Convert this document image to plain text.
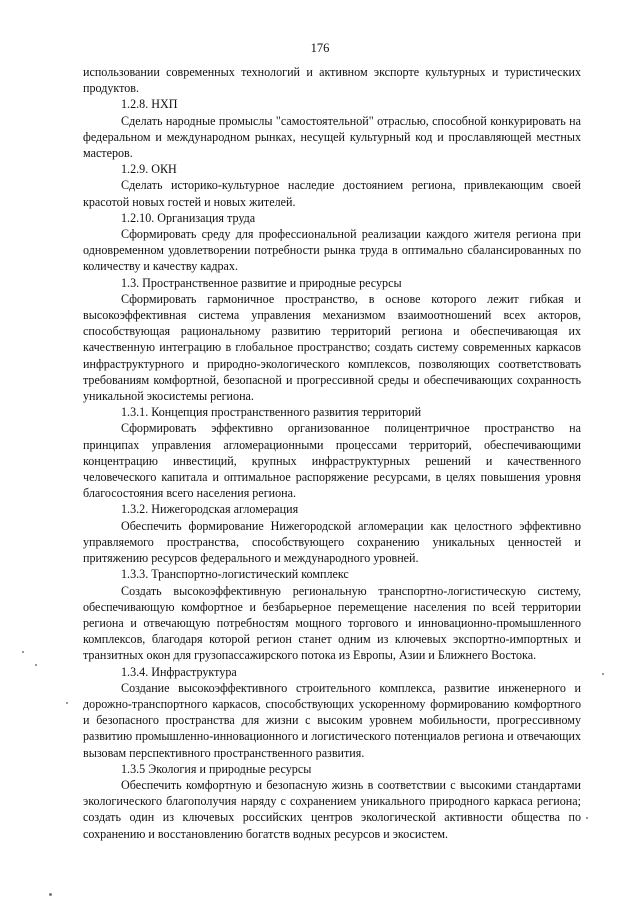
176

использовании современных технологий и активном экспорте культурных и туристических продуктов.

1.2.8. НХП

Сделать народные промыслы "самостоятельной" отраслью, способной конкурировать на федеральном и международном рынках, несущей культурный код и прославляющей местных мастеров.

1.2.9. ОКН

Сделать историко-культурное наследие достоянием региона, привлекающим своей красотой новых гостей и новых жителей.

1.2.10. Организация труда

Сформировать среду для профессиональной реализации каждого жителя региона при одновременном удовлетворении потребности рынка труда в оптимально сбалансированных по количеству и качеству кадрах.

1.3. Пространственное развитие и природные ресурсы

Сформировать гармоничное пространство, в основе которого лежит гибкая и высокоэффективная система управления механизмом взаимоотношений всех акторов, способствующая рациональному развитию территорий региона и обеспечивающая их качественную интеграцию в глобальное пространство; создать систему современных каркасов инфраструктурного и природно-экологического комплексов, позволяющих соответствовать требованиям комфортной, безопасной и прогрессивной среды и обеспечивающих сохранность уникальной экосистемы региона.

1.3.1. Концепция пространственного развития территорий

Сформировать эффективно организованное полицентричное пространство на принципах управления агломерационными процессами территорий, обеспечивающими концентрацию инвестиций, крупных инфраструктурных решений и качественного человеческого капитала и оптимальное распоряжение ресурсами, в целях повышения уровня благосостояния всего населения региона.

1.3.2. Нижегородская агломерация

Обеспечить формирование Нижегородской агломерации как целостного эффективно управляемого пространства, способствующего сохранению уникальных ценностей и притяжению ресурсов федерального и международного уровней.

1.3.3. Транспортно-логистический комплекс

Создать высокоэффективную региональную транспортно-логистическую систему, обеспечивающую комфортное и безбарьерное перемещение населения по всей территории региона и отвечающую потребностям мощного торгового и инновационно-промышленного комплексов, благодаря которой регион станет одним из ключевых экспортно-импортных и транзитных окон для грузопассажирского потока из Европы, Азии и Ближнего Востока.

1.3.4. Инфраструктура

Создание высокоэффективного строительного комплекса, развитие инженерного и дорожно-транспортного каркасов, способствующих ускоренному формированию комфортного и безопасного пространства для жизни с высоким уровнем мобильности, прогрессивному развитию промышленно-инновационного и логистического потенциалов региона и отвечающих вызовам перспективного пространственного развития.

1.3.5 Экология и природные ресурсы

Обеспечить комфортную и безопасную жизнь в соответствии с высокими стандартами экологического благополучия наряду с сохранением уникального природного каркаса региона; создать один из ключевых российских центров экологической активности общества по сохранению и восстановлению богатств водных ресурсов и экосистем.
